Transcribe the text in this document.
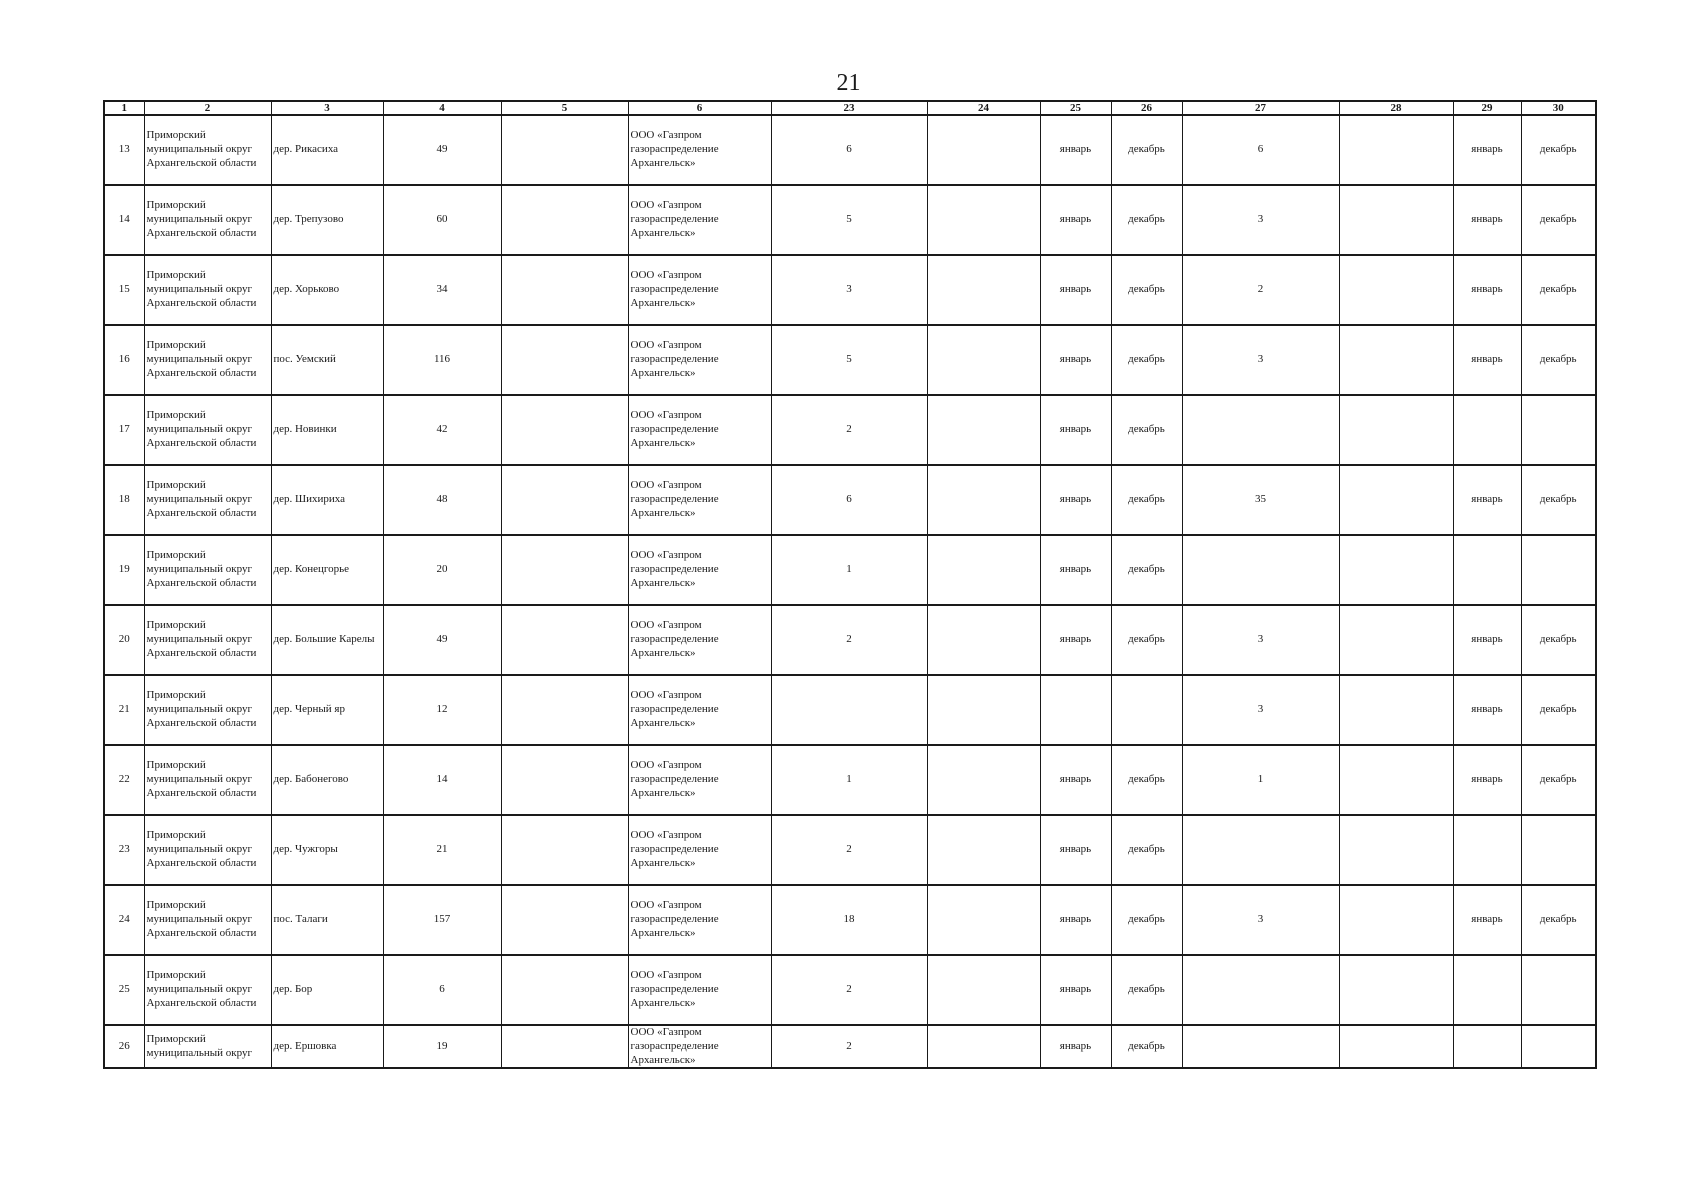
21
1	2	3	4	5	6	23	24	25	26	27	28	29	30
13	Приморский муниципальный округ Архангельской области	дер. Рикасиха	49		ООО «Газпром газораспределение Архангельск»	6		январь	декабрь	6		январь	декабрь
14	Приморский муниципальный округ Архангельской области	дер. Трепузово	60		ООО «Газпром газораспределение Архангельск»	5		январь	декабрь	3		январь	декабрь
15	Приморский муниципальный округ Архангельской области	дер. Хорьково	34		ООО «Газпром газораспределение Архангельск»	3		январь	декабрь	2		январь	декабрь
16	Приморский муниципальный округ Архангельской области	пос. Уемский	116		ООО «Газпром газораспределение Архангельск»	5		январь	декабрь	3		январь	декабрь
17	Приморский муниципальный округ Архангельской области	дер. Новинки	42		ООО «Газпром газораспределение Архангельск»	2		январь	декабрь				
18	Приморский муниципальный округ Архангельской области	дер. Шихириха	48		ООО «Газпром газораспределение Архангельск»	6		январь	декабрь	35		январь	декабрь
19	Приморский муниципальный округ Архангельской области	дер. Конецгорье	20		ООО «Газпром газораспределение Архангельск»	1		январь	декабрь				
20	Приморский муниципальный округ Архангельской области	дер. Большие Карелы	49		ООО «Газпром газораспределение Архангельск»	2		январь	декабрь	3		январь	декабрь
21	Приморский муниципальный округ Архангельской области	дер. Черный яр	12		ООО «Газпром газораспределение Архангельск»					3		январь	декабрь
22	Приморский муниципальный округ Архангельской области	дер. Бабонегово	14		ООО «Газпром газораспределение Архангельск»	1		январь	декабрь	1		январь	декабрь
23	Приморский муниципальный округ Архангельской области	дер. Чужгоры	21		ООО «Газпром газораспределение Архангельск»	2		январь	декабрь				
24	Приморский муниципальный округ Архангельской области	пос. Талаги	157		ООО «Газпром газораспределение Архангельск»	18		январь	декабрь	3		январь	декабрь
25	Приморский муниципальный округ Архангельской области	дер. Бор	6		ООО «Газпром газораспределение Архангельск»	2		январь	декабрь				
26	Приморский муниципальный округ	дер. Ершовка	19		ООО «Газпром газораспределение Архангельск»	2		январь	декабрь				
